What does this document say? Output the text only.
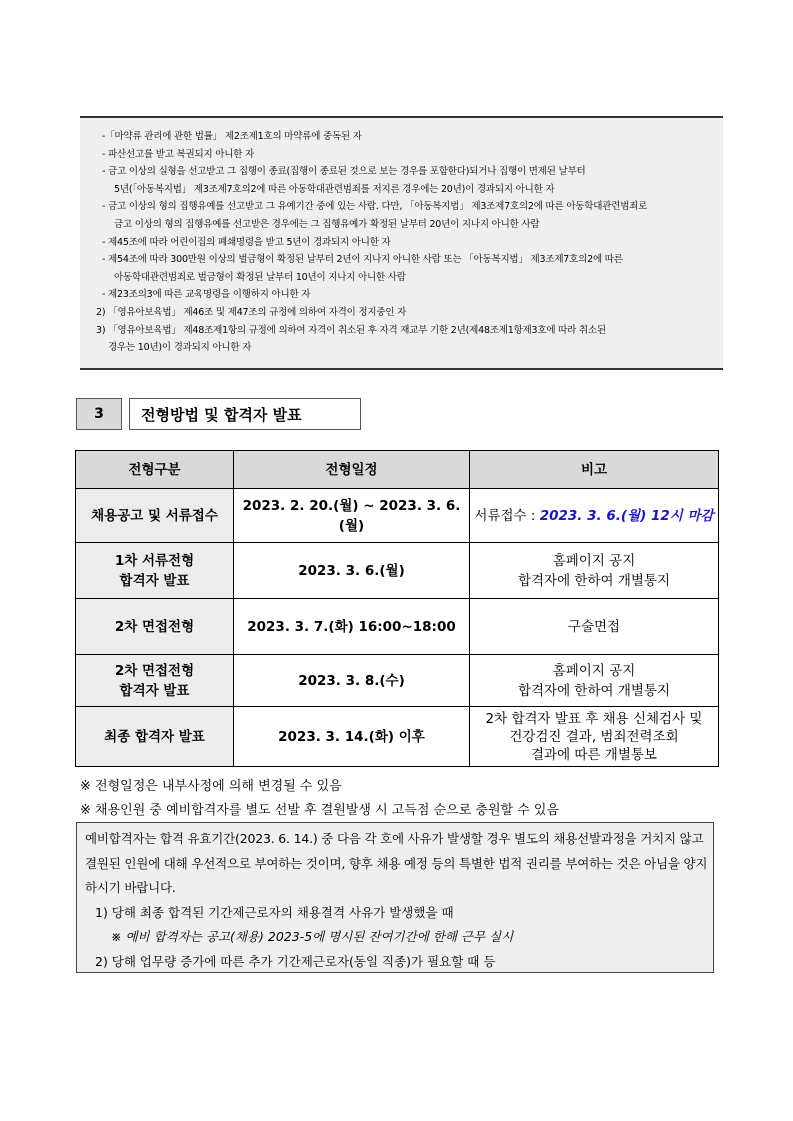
-「마약류 관리에 관한 법률」 제2조제1호의 마약류에 중독된 자
- 파산선고를 받고 복권되지 아니한 자
- 금고 이상의 실형을 선고받고 그 집행이 종료(집행이 종료된 것으로 보는 경우를 포함한다)되거나 집행이 면제된 날부터
5년(「아동복지법」 제3조제7호의2에 따른 아동학대관련범죄를 저지른 경우에는 20년)이 경과되지 아니한 자
- 금고 이상의 형의 집행유예를 선고받고 그 유예기간 중에 있는 사람. 다만, 「아동복지법」 제3조제7호의2에 따른 아동학대관련범죄로
금고 이상의 형의 집행유예를 선고받은 경우에는 그 집행유예가 확정된 날부터 20년이 지나지 아니한 사람
- 제45조에 따라 어린이집의 폐쇄명령을 받고 5년이 경과되지 아니한 자
- 제54조에 따라 300만원 이상의 벌금형이 확정된 날부터 2년이 지나지 아니한 사람 또는 「아동복지법」 제3조제7호의2에 따른
아동학대관련범죄로 벌금형이 확정된 날부터 10년이 지나지 아니한 사람
- 제23조의3에 따른 교육명령을 이행하지 아니한 자
2) 「영유아보육법」 제46조 및 제47조의 규정에 의하여 자격이 정지중인 자
3) 「영유아보육법」 제48조제1항의 규정에 의하여 자격이 취소된 후 자격 재교부 기한 2년(제48조제1항제3호에 따라 취소된
경우는 10년)이 경과되지 아니한 자
3	전형방법 및 합격자 발표
전형구분	전형일정	비고
채용공고 및 서류접수	2023. 2. 20.(월) ~ 2023. 3. 6.(월)	서류접수 : 2023. 3. 6.(월) 12시 마감
1차 서류전형
합격자 발표	2023. 3. 6.(월)	홈페이지 공지
합격자에 한하여 개별통지
2차 면접전형	2023. 3. 7.(화) 16:00~18:00	구술면접
2차 면접전형
합격자 발표	2023. 3. 8.(수)	홈페이지 공지
합격자에 한하여 개별통지
최종 합격자 발표	2023. 3. 14.(화) 이후	2차 합격자 발표 후 채용 신체검사 및
건강검진 결과, 범죄전력조회
결과에 따른 개별통보
※ 전형일정은 내부사정에 의해 변경될 수 있음
※ 채용인원 중 예비합격자를 별도 선발 후 결원발생 시 고득점 순으로 충원할 수 있음
예비합격자는 합격 유효기간(2023. 6. 14.) 중 다음 각 호에 사유가 발생할 경우 별도의 채용선발과정을 거치지 않고 결원된 인원에 대해 우선적으로 부여하는 것이며, 향후 채용 예정 등의 특별한 법적 권리를 부여하는 것은 아님을 양지하시기 바랍니다.
1) 당해 최종 합격된 기간제근로자의 채용결격 사유가 발생했을 때
※ 예비 합격자는 공고(채용) 2023-5에 명시된 잔여기간에 한해 근무 실시
2) 당해 업무량 증가에 따른 추가 기간제근로자(동일 직종)가 필요할 때 등
